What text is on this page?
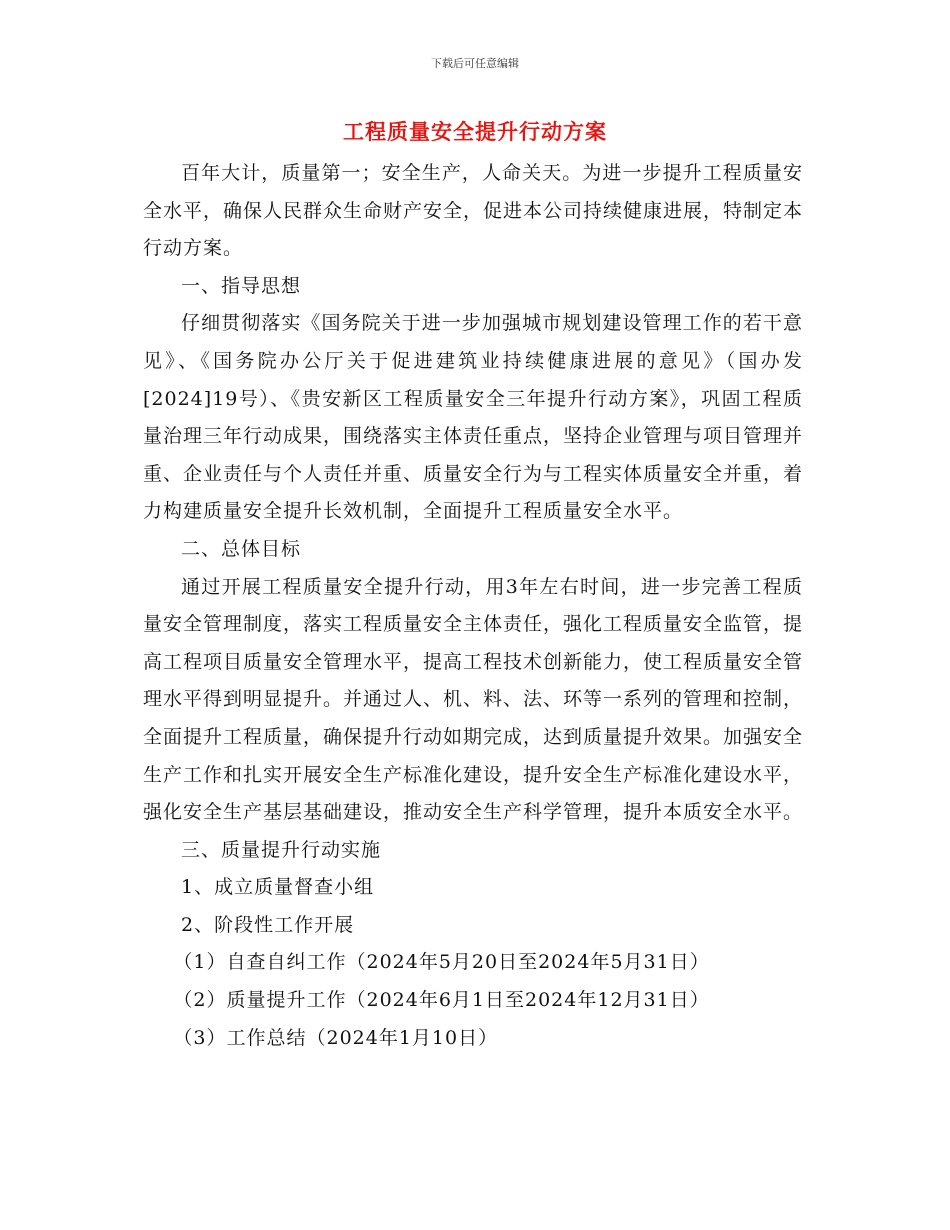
下载后可任意编辑
工程质量安全提升行动方案

百年大计，质量第一；安全生产，人命关天。为进一步提升工程质量安全水平，确保人民群众生命财产安全，促进本公司持续健康进展，特制定本行动方案。

一、指导思想

仔细贯彻落实《国务院关于进一步加强城市规划建设管理工作的若干意见》、《国务院办公厅关于促进建筑业持续健康进展的意见》（国办发[2024]19号）、《贵安新区工程质量安全三年提升行动方案》，巩固工程质量治理三年行动成果，围绕落实主体责任重点，坚持企业管理与项目管理并重、企业责任与个人责任并重、质量安全行为与工程实体质量安全并重，着力构建质量安全提升长效机制，全面提升工程质量安全水平。

二、总体目标

通过开展工程质量安全提升行动，用3年左右时间，进一步完善工程质量安全管理制度，落实工程质量安全主体责任，强化工程质量安全监管，提高工程项目质量安全管理水平，提高工程技术创新能力，使工程质量安全管理水平得到明显提升。并通过人、机、料、法、环等一系列的管理和控制，全面提升工程质量，确保提升行动如期完成，达到质量提升效果。加强安全生产工作和扎实开展安全生产标准化建设，提升安全生产标准化建设水平，强化安全生产基层基础建设，推动安全生产科学管理，提升本质安全水平。

三、质量提升行动实施

1、成立质量督查小组

2、阶段性工作开展

（1）自查自纠工作（2024年5月20日至2024年5月31日）

（2）质量提升工作（2024年6月1日至2024年12月31日）

（3）工作总结（2024年1月10日）
